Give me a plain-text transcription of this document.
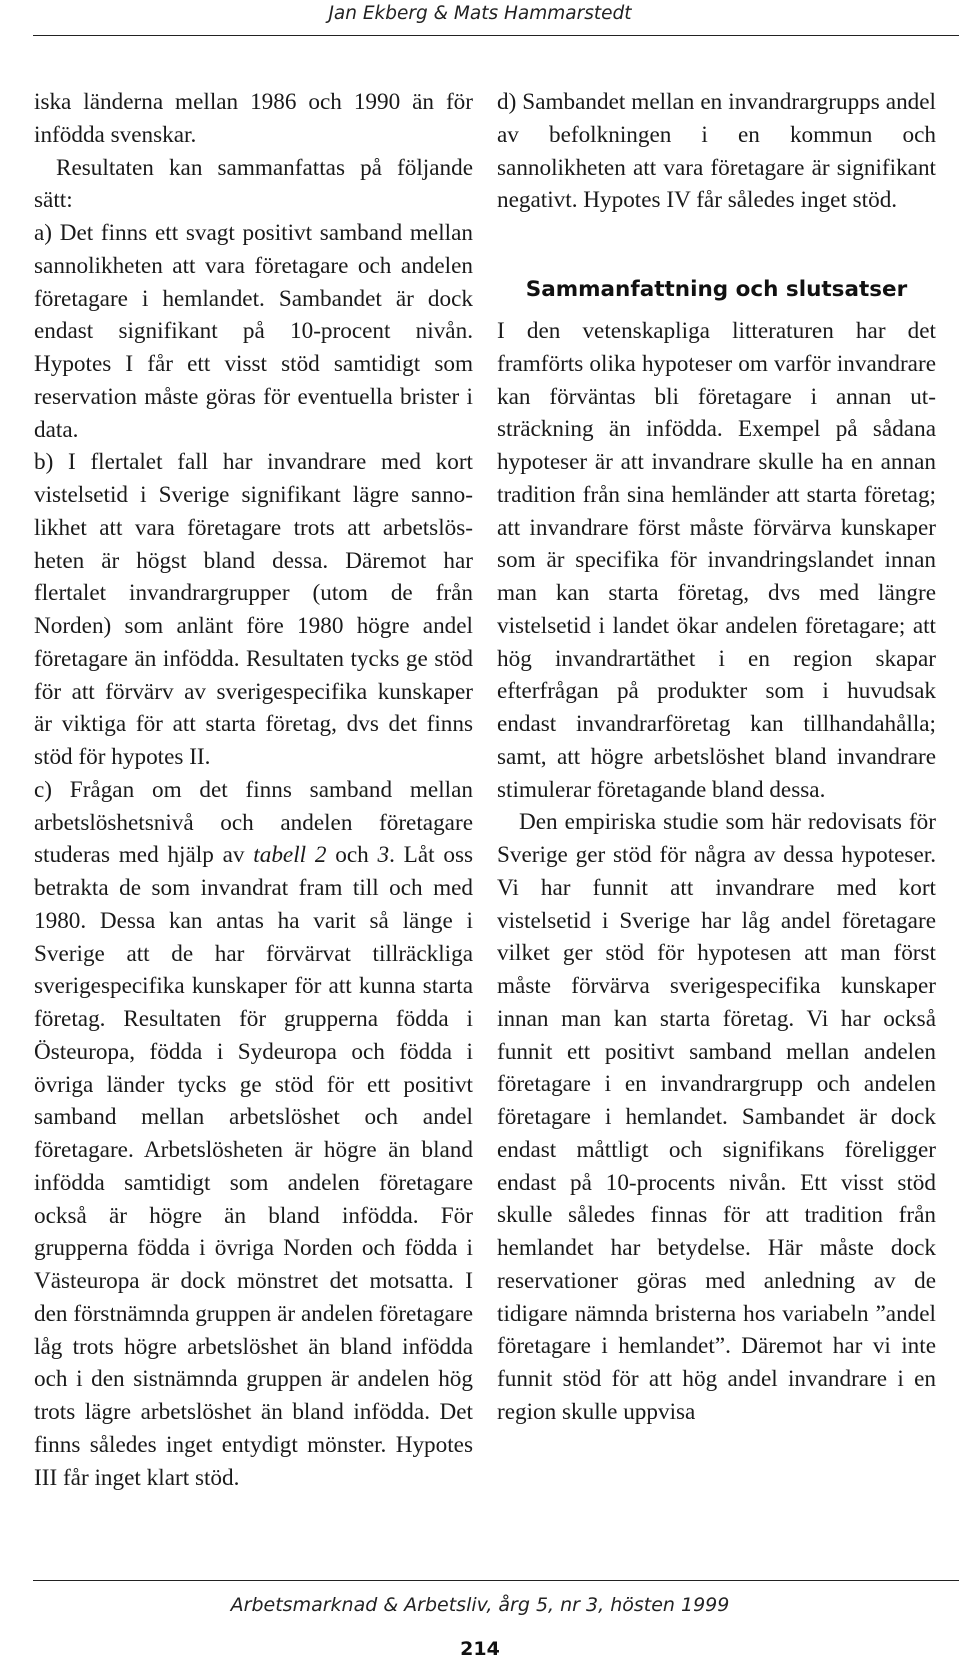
Jan Ekberg & Mats Hammarstedt

iska länderna mellan 1986 och 1990 än för infödda svenskar.

Resultaten kan sammanfattas på följande sätt:

a) Det finns ett svagt positivt samband mellan sannolikheten att vara företagare och andelen företagare i hemlandet. Sambandet är dock endast signifikant på 10-procent nivån. Hypotes I får ett visst stöd samtidigt som reservation måste göras för eventuella brister i data.

b) I flertalet fall har invandrare med kort vistelsetid i Sverige signifikant lägre sannolikhet att vara företagare trots att arbetslösheten är högst bland dessa. Däremot har flertalet invandrargrupper (utom de från Norden) som anlänt före 1980 högre andel företagare än infödda. Resultaten tycks ge stöd för att förvärv av sverigespecifika kunskaper är viktiga för att starta företag, dvs det finns stöd för hypotes II.

c) Frågan om det finns samband mellan arbetslöshetsnivå och andelen företagare studeras med hjälp av tabell 2 och 3. Låt oss betrakta de som invandrat fram till och med 1980. Dessa kan antas ha varit så länge i Sverige att de har förvärvat tillräckliga sverigespecifika kunskaper för att kunna starta företag. Resultaten för grupperna födda i Östeuropa, födda i Sydeuropa och födda i övriga länder tycks ge stöd för ett positivt samband mellan arbetslöshet och andel företagare. Arbetslösheten är högre än bland infödda samtidigt som andelen företagare också är högre än bland infödda. För grupperna födda i övriga Norden och födda i Västeuropa är dock mönstret det motsatta. I den förstnämnda gruppen är andelen företagare låg trots högre arbetslöshet än bland infödda och i den sistnämnda gruppen är andelen hög trots lägre arbetslöshet än bland infödda. Det finns således inget entydigt mönster. Hypotes III får inget klart stöd.

d) Sambandet mellan en invandrargrupps andel av befolkningen i en kommun och sannolikheten att vara företagare är signifikant negativt. Hypotes IV får således inget stöd.

Sammanfattning och slutsatser

I den vetenskapliga litteraturen har det framförts olika hypoteser om varför invandrare kan förväntas bli företagare i annan utsträckning än infödda. Exempel på sådana hypoteser är att invandrare skulle ha en annan tradition från sina hemländer att starta företag; att invandrare först måste förvärva kunskaper som är specifika för invandringslandet innan man kan starta företag, dvs med längre vistelsetid i landet ökar andelen företagare; att hög invandrartäthet i en region skapar efterfrågan på produkter som i huvudsak endast invandrarföretag kan tillhandahålla; samt, att högre arbetslöshet bland invandrare stimulerar företagande bland dessa.

Den empiriska studie som här redovisats för Sverige ger stöd för några av dessa hypoteser. Vi har funnit att invandrare med kort vistelsetid i Sverige har låg andel företagare vilket ger stöd för hypotesen att man först måste förvärva sverigespecifika kunskaper innan man kan starta företag. Vi har också funnit ett positivt samband mellan andelen företagare i en invandrargrupp och andelen företagare i hemlandet. Sambandet är dock endast måttligt och signifikans föreligger endast på 10-procents nivån. Ett visst stöd skulle således finnas för att tradition från hemlandet har betydelse. Här måste dock reservationer göras med anledning av de tidigare nämnda bristerna hos variabeln ”andel företagare i hemlandet”. Däremot har vi inte funnit stöd för att hög andel invandrare i en region skulle uppvisa

Arbetsmarknad & Arbetsliv, årg 5, nr 3, hösten 1999
214
